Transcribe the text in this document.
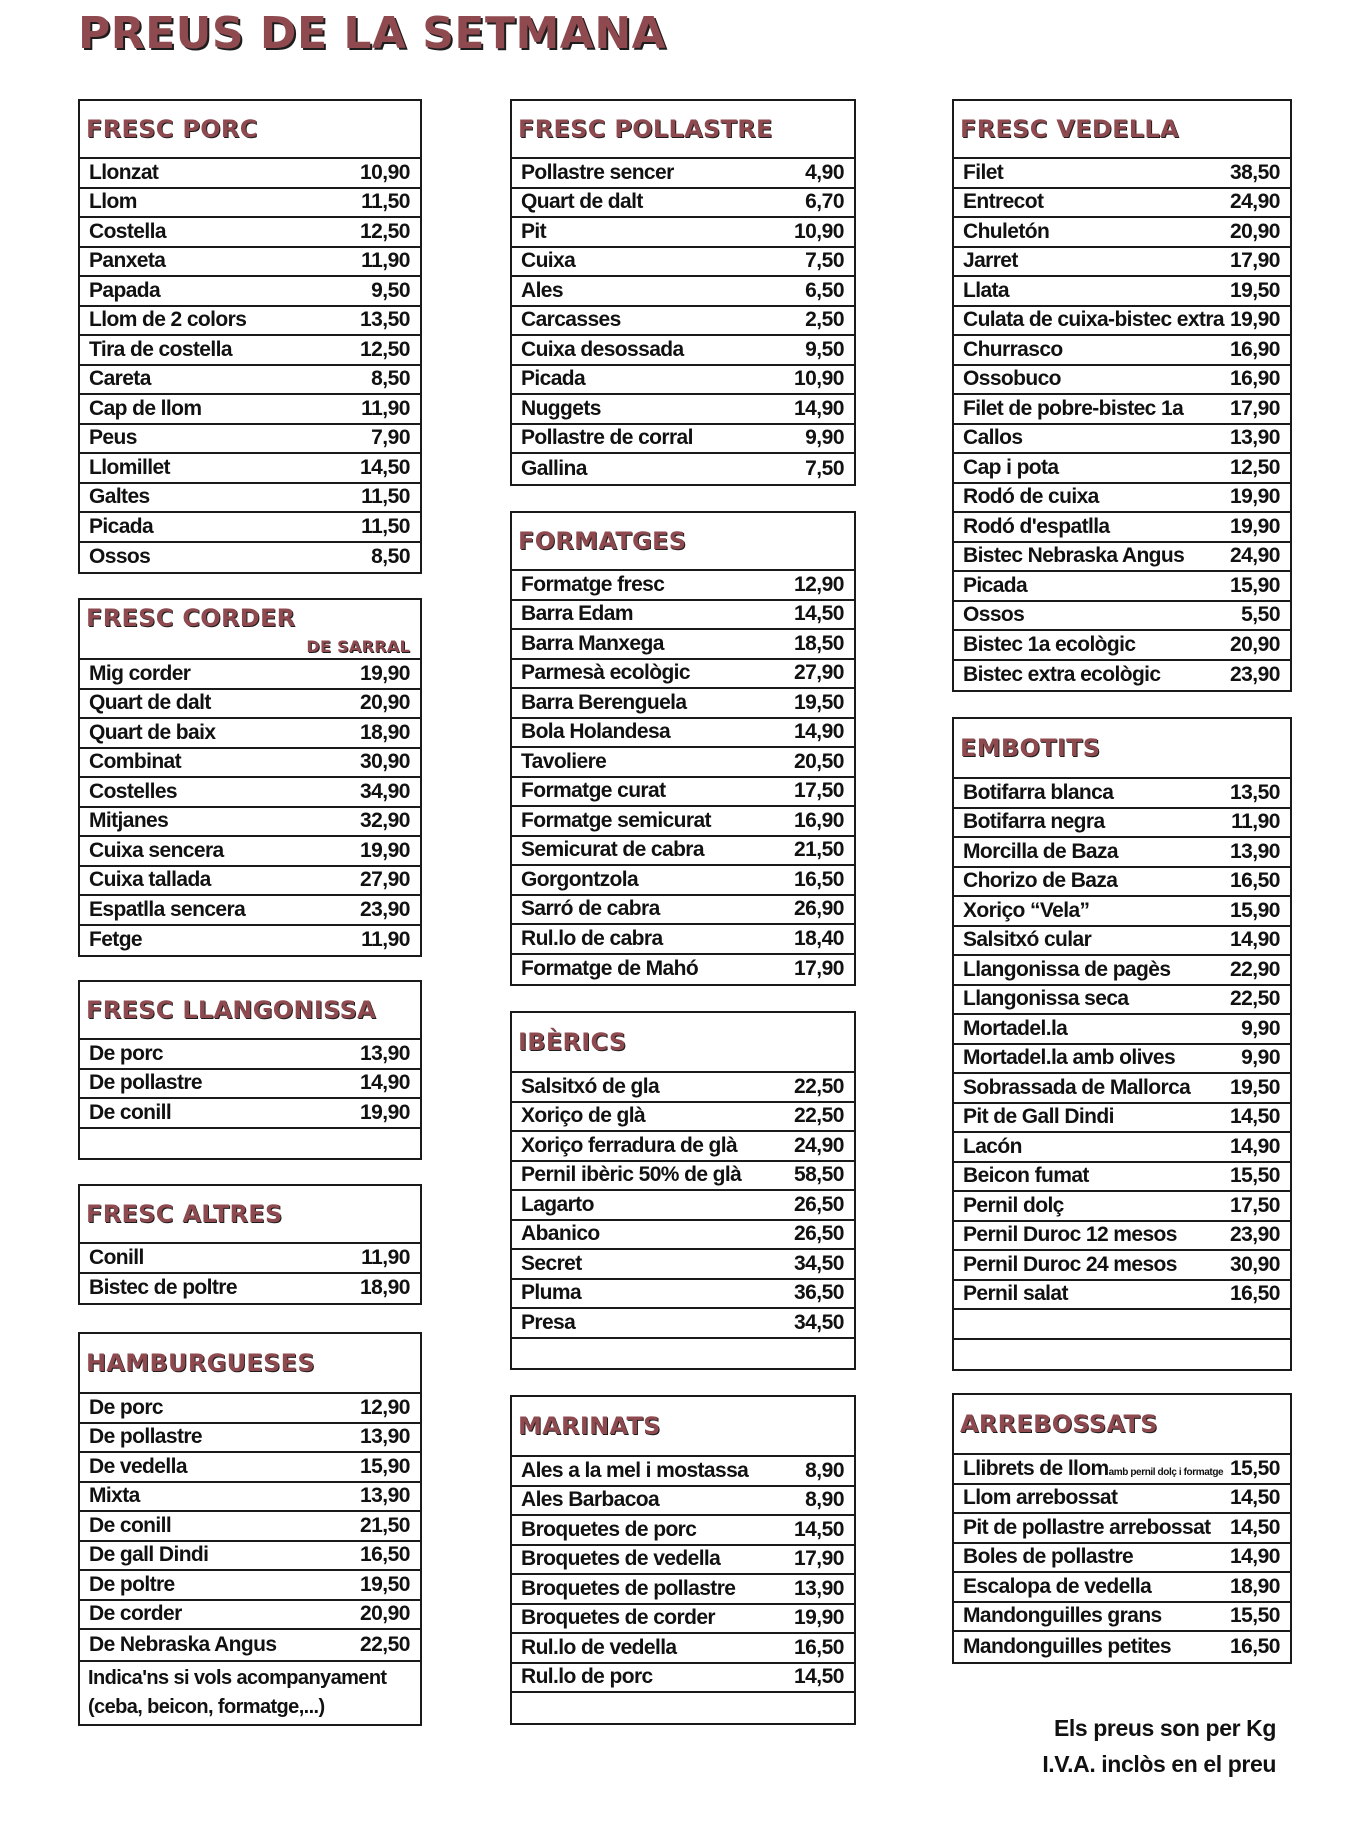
PREUS DE LA SETMANA
FRESC PORC
Llonzat	10,90
Llom	11,50
Costella	12,50
Panxeta	11,90
Papada	9,50
Llom de 2 colors	13,50
Tira de costella	12,50
Careta	8,50
Cap de llom	11,90
Peus	7,90
Llomillet	14,50
Galtes	11,50
Picada	11,50
Ossos	8,50
FRESC CORDER
DE SARRAL
Mig corder	19,90
Quart de dalt	20,90
Quart de baix	18,90
Combinat	30,90
Costelles	34,90
Mitjanes	32,90
Cuixa sencera	19,90
Cuixa tallada	27,90
Espatlla sencera	23,90
Fetge	11,90
FRESC LLANGONISSA
De porc	13,90
De pollastre	14,90
De conill	19,90
FRESC ALTRES
Conill	11,90
Bistec de poltre	18,90
HAMBURGUESES
De porc	12,90
De pollastre	13,90
De vedella	15,90
Mixta	13,90
De conill	21,50
De gall Dindi	16,50
De poltre	19,50
De corder	20,90
De Nebraska Angus	22,50
Indica'ns si vols acompanyament (ceba, beicon, formatge,...)
FRESC POLLASTRE
Pollastre sencer	4,90
Quart de dalt	6,70
Pit	10,90
Cuixa	7,50
Ales	6,50
Carcasses	2,50
Cuixa desossada	9,50
Picada	10,90
Nuggets	14,90
Pollastre de corral	9,90
Gallina	7,50
FORMATGES
Formatge fresc	12,90
Barra Edam	14,50
Barra Manxega	18,50
Parmesà ecològic	27,90
Barra Berenguela	19,50
Bola Holandesa	14,90
Tavoliere	20,50
Formatge curat	17,50
Formatge semicurat	16,90
Semicurat de cabra	21,50
Gorgontzola	16,50
Sarró de cabra	26,90
Rul.lo de cabra	18,40
Formatge de Mahó	17,90
IBÈRICS
Salsitxó de gla	22,50
Xoriço de glà	22,50
Xoriço ferradura de glà	24,90
Pernil ibèric 50% de glà	58,50
Lagarto	26,50
Abanico	26,50
Secret	34,50
Pluma	36,50
Presa	34,50
MARINATS
Ales a la mel i mostassa	8,90
Ales Barbacoa	8,90
Broquetes de porc	14,50
Broquetes de vedella	17,90
Broquetes de pollastre	13,90
Broquetes de corder	19,90
Rul.lo de vedella	16,50
Rul.lo de porc	14,50
FRESC VEDELLA
Filet	38,50
Entrecot	24,90
Chuletón	20,90
Jarret	17,90
Llata	19,50
Culata de cuixa-bistec extra 19,90
Churrasco	16,90
Ossobuco	16,90
Filet de pobre-bistec 1a 17,90
Callos	13,90
Cap i pota	12,50
Rodó de cuixa	19,90
Rodó d'espatlla	19,90
Bistec Nebraska Angus 24,90
Picada	15,90
Ossos	5,50
Bistec 1a ecològic	20,90
Bistec extra ecològic	23,90
EMBOTITS
Botifarra blanca	13,50
Botifarra negra	11,90
Morcilla de Baza	13,90
Chorizo de Baza	16,50
Xoriço “Vela”	15,90
Salsitxó cular	14,90
Llangonissa de pagès	22,90
Llangonissa seca	22,50
Mortadel.la	9,90
Mortadel.la amb olives	9,90
Sobrassada de Mallorca 19,50
Pit de Gall Dindi	14,50
Lacón	14,90
Beicon fumat	15,50
Pernil dolç	17,50
Pernil Duroc 12 mesos	23,90
Pernil Duroc 24 mesos	30,90
Pernil salat	16,50
ARREBOSSATS
Llibrets de llomamb pernil dolç i formatge 15,50
Llom arrebossat	14,50
Pit de pollastre arrebossat 14,50
Boles de pollastre	14,90
Escalopa de vedella	18,90
Mandonguilles grans	15,50
Mandonguilles petites	16,50
Els preus son per Kg
I.V.A. inclòs en el preu
